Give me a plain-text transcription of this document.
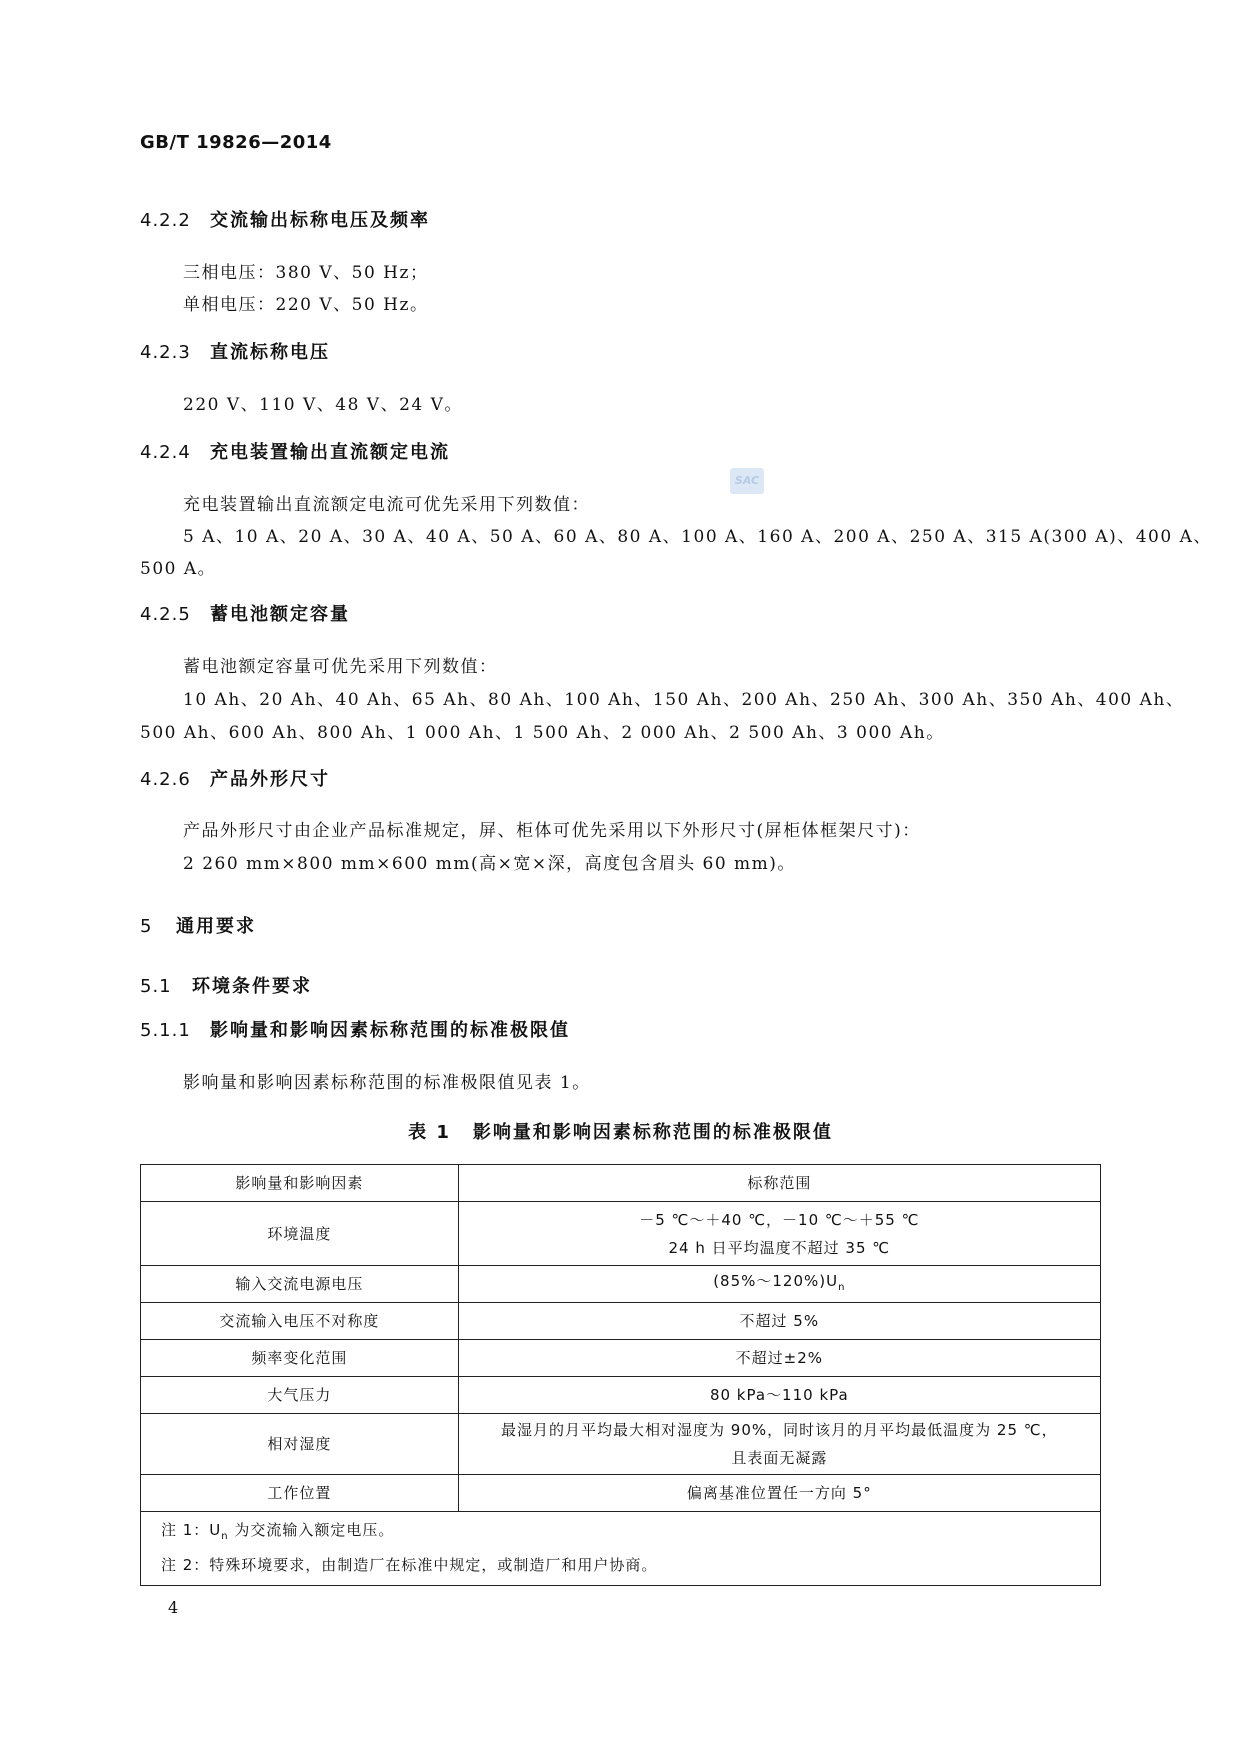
GB/T 19826—2014
4.2.2 交流输出标称电压及频率
三相电压：380 V、50 Hz；
单相电压：220 V、50 Hz。
4.2.3 直流标称电压
220 V、110 V、48 V、24 V。
4.2.4 充电装置输出直流额定电流
充电装置输出直流额定电流可优先采用下列数值：
SAC
5 A、10 A、20 A、30 A、40 A、50 A、60 A、80 A、100 A、160 A、200 A、250 A、315 A(300 A)、400 A、
500 A。
4.2.5 蓄电池额定容量
蓄电池额定容量可优先采用下列数值：
10 Ah、20 Ah、40 Ah、65 Ah、80 Ah、100 Ah、150 Ah、200 Ah、250 Ah、300 Ah、350 Ah、400 Ah、
500 Ah、600 Ah、800 Ah、1 000 Ah、1 500 Ah、2 000 Ah、2 500 Ah、3 000 Ah。
4.2.6 产品外形尺寸
产品外形尺寸由企业产品标准规定，屏、柜体可优先采用以下外形尺寸(屏柜体框架尺寸)：
2 260 mm×800 mm×600 mm(高×宽×深，高度包含眉头 60 mm)。
5 通用要求
5.1 环境条件要求
5.1.1 影响量和影响因素标称范围的标准极限值
影响量和影响因素标称范围的标准极限值见表 1。
表 1 影响量和影响因素标称范围的标准极限值
影响量和影响因素	标称范围
环境温度	－5 ℃～＋40 ℃，－10 ℃～＋55 ℃
24 h 日平均温度不超过 35 ℃

输入交流电源电压	$(85\%\sim 120\%)U_n$
交流输入电压不对称度	不超过 5%
频率变化范围	不超过±2%
大气压力	80 kPa～110 kPa
相对湿度	最湿月的月平均最大相对湿度为 90%，同时该月的月平均最低温度为 25 ℃，
且表面无凝露

工作位置	偏离基准位置任一方向 5°

注 1：$U_n$ 为交流输入额定电压。
注 2：特殊环境要求，由制造厂在标准中规定，或制造厂和用户协商。	
4
